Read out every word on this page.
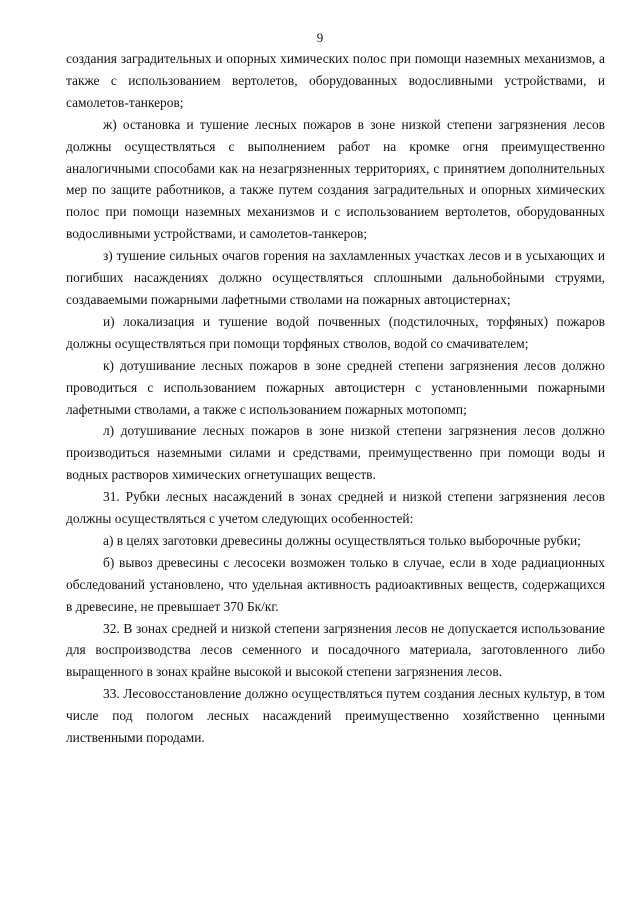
9

создания заградительных и опорных химических полос при помощи наземных механизмов, а также с использованием вертолетов, оборудованных водосливными устройствами, и самолетов-танкеров;

ж) остановка и тушение лесных пожаров в зоне низкой степени загрязнения лесов должны осуществляться с выполнением работ на кромке огня преимущественно аналогичными способами как на незагрязненных территориях, с принятием дополнительных мер по защите работников, а также путем создания заградительных и опорных химических полос при помощи наземных механизмов и с использованием вертолетов, оборудованных водосливными устройствами, и самолетов-танкеров;

з) тушение сильных очагов горения на захламленных участках лесов и в усыхающих и погибших насаждениях должно осуществляться сплошными дальнобойными струями, создаваемыми пожарными лафетными стволами на пожарных автоцистернах;

и) локализация и тушение водой почвенных (подстилочных, торфяных) пожаров должны осуществляться при помощи торфяных стволов, водой со смачивателем;

к) дотушивание лесных пожаров в зоне средней степени загрязнения лесов должно проводиться с использованием пожарных автоцистерн с установленными пожарными лафетными стволами, а также с использованием пожарных мотопомп;

л) дотушивание лесных пожаров в зоне низкой степени загрязнения лесов должно производиться наземными силами и средствами, преимущественно при помощи воды и водных растворов химических огнетушащих веществ.

31. Рубки лесных насаждений в зонах средней и низкой степени загрязнения лесов должны осуществляться с учетом следующих особенностей:

а) в целях заготовки древесины должны осуществляться только выборочные рубки;

б) вывоз древесины с лесосеки возможен только в случае, если в ходе радиационных обследований установлено, что удельная активность радиоактивных веществ, содержащихся в древесине, не превышает 370 Бк/кг.

32. В зонах средней и низкой степени загрязнения лесов не допускается использование для воспроизводства лесов семенного и посадочного материала, заготовленного либо выращенного в зонах крайне высокой и высокой степени загрязнения лесов.

33. Лесовосстановление должно осуществляться путем создания лесных культур, в том числе под пологом лесных насаждений преимущественно хозяйственно ценными лиственными породами.
